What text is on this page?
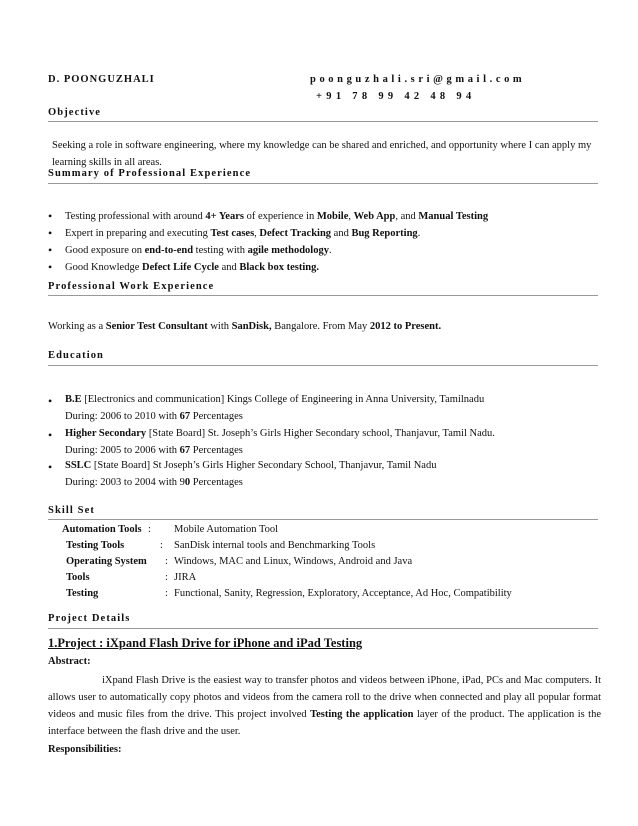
D. POONGUZHALI	poonguzhali.sri@gmail.com
+91 78 99 42 48 94
Objective
Seeking a role in software engineering, where my knowledge can be shared and enriched, and opportunity where I can apply my learning skills in all areas.
Summary of Professional Experience
• Testing professional with around 4+ Years of experience in Mobile, Web App, and Manual Testing
• Expert in preparing and executing Test cases, Defect Tracking and Bug Reporting.
• Good exposure on end-to-end testing with agile methodology.
• Good Knowledge Defect Life Cycle and Black box testing.
Professional Work Experience
Working as a Senior Test Consultant with SanDisk, Bangalore. From May 2012 to Present.
Education
• B.E [Electronics and communication] Kings College of Engineering in Anna University, Tamilnadu
During: 2006 to 2010 with 67 Percentages
• Higher Secondary [State Board] St. Joseph’s Girls Higher Secondary school, Thanjavur, Tamil Nadu.
During: 2005 to 2006 with 67 Percentages
• SSLC [State Board] St Joseph’s Girls Higher Secondary School, Thanjavur, Tamil Nadu
During: 2003 to 2004 with 90 Percentages
Skill Set
Automation Tools : Mobile Automation Tool
Testing Tools	: SanDisk internal tools and Benchmarking Tools
Operating System : Windows, MAC and Linux, Windows, Android and Java
Tools	: JIRA
Testing	: Functional, Sanity, Regression, Exploratory, Acceptance, Ad Hoc, Compatibility
Project Details
1.Project : iXpand Flash Drive for iPhone and iPad Testing
Abstract:
iXpand Flash Drive is the easiest way to transfer photos and videos between iPhone, iPad, PCs and Mac computers. It allows user to automatically copy photos and videos from the camera roll to the drive when connected and play all popular format videos and music files from the drive. This project involved Testing the application layer of the product. The application is the interface between the flash drive and the user.
Responsibilities:
